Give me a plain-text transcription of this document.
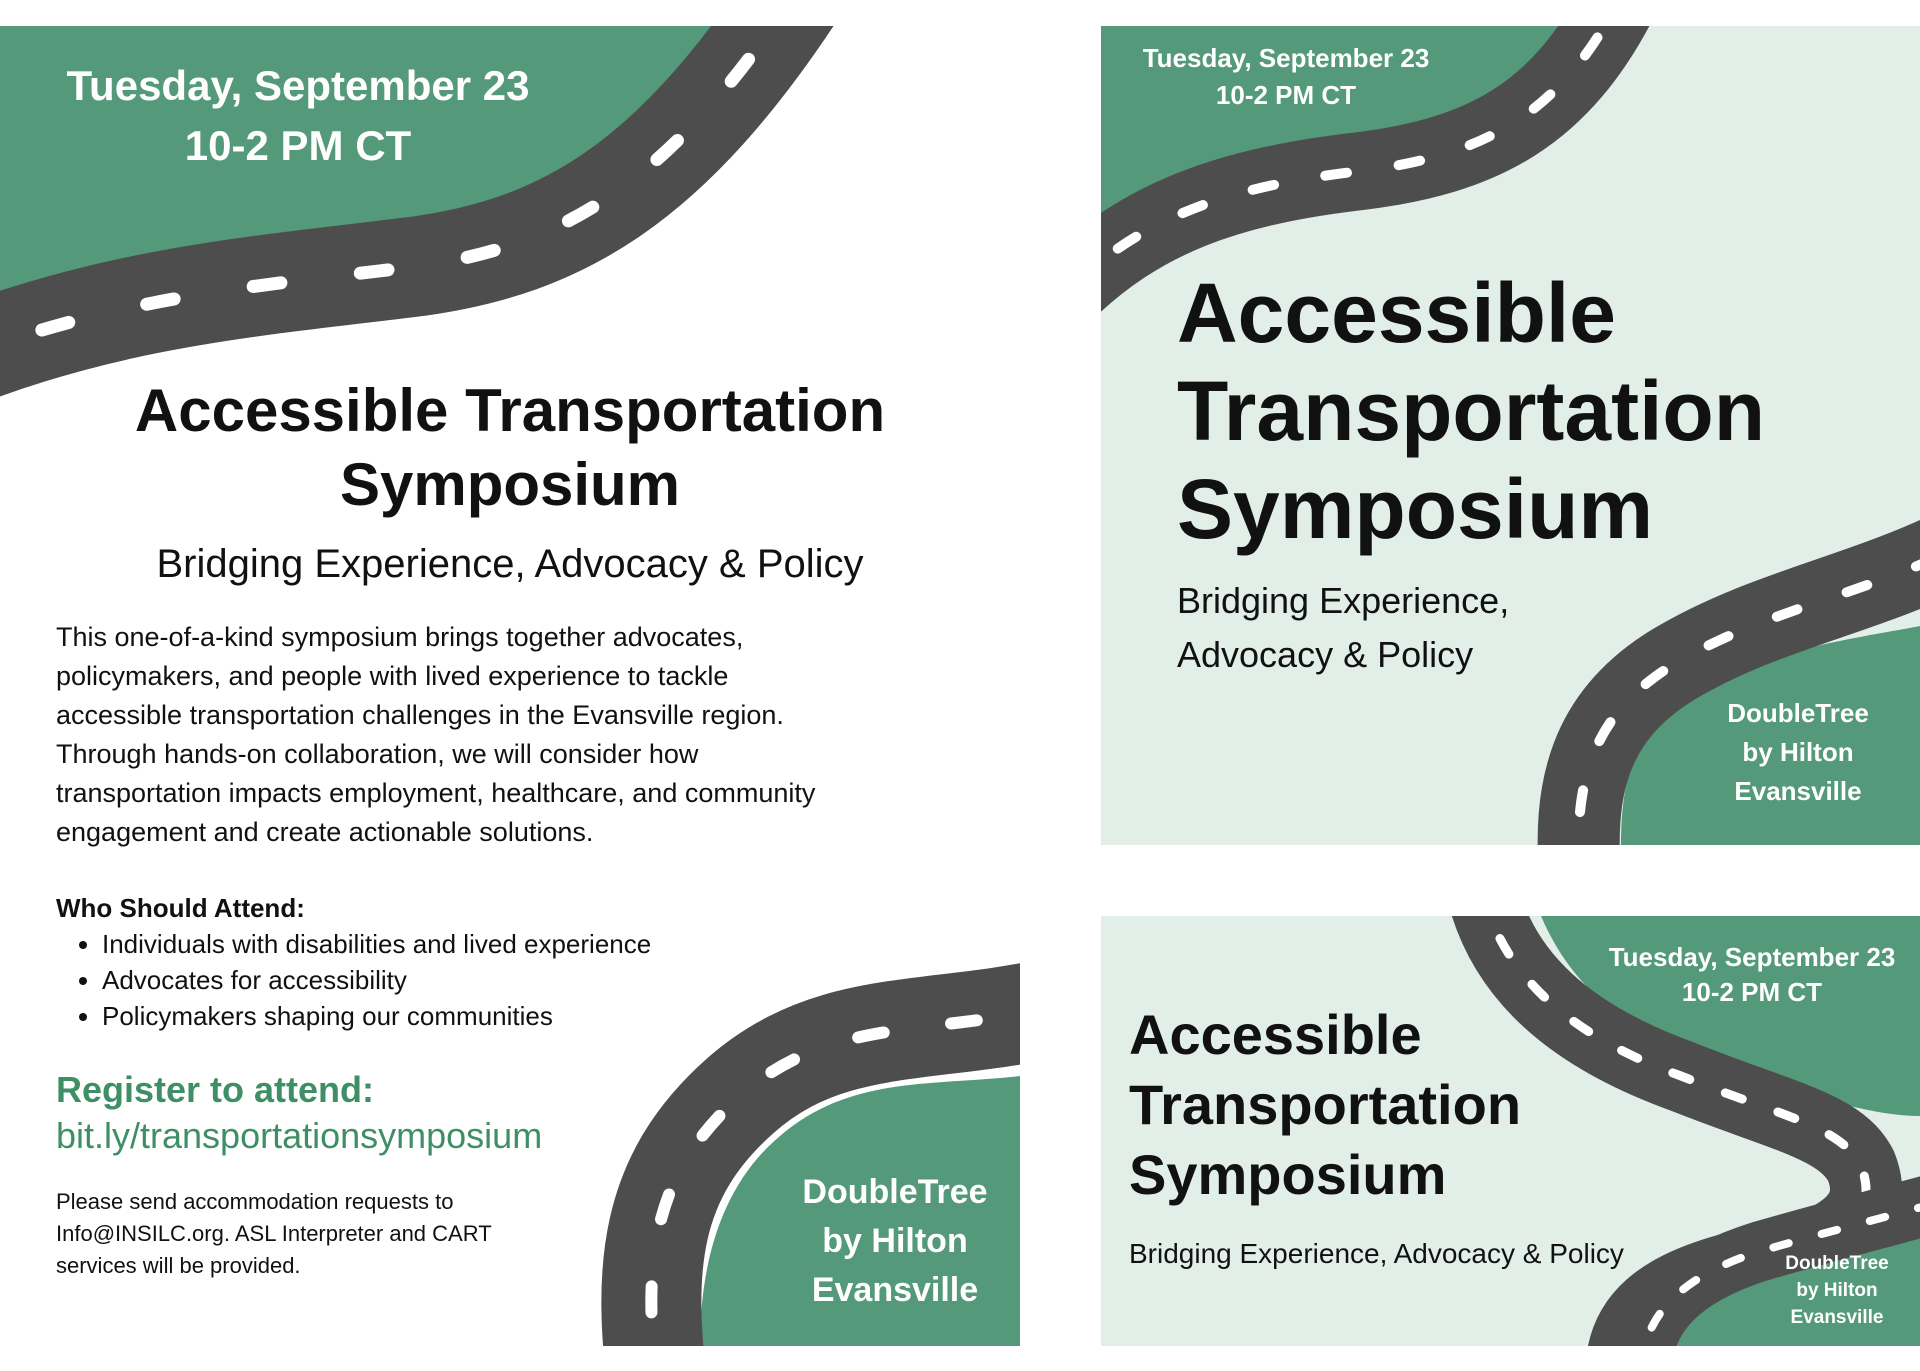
Tuesday, September 23
10-2 PM CT
Accessible Transportation
Symposium
Bridging Experience, Advocacy & Policy
This one-of-a-kind symposium brings together advocates,
policymakers, and people with lived experience to tackle
accessible transportation challenges in the Evansville region.
Through hands-on collaboration, we will consider how
transportation impacts employment, healthcare, and community
engagement and create actionable solutions.
Who Should Attend:
• Individuals with disabilities and lived experience
• Advocates for accessibility
• Policymakers shaping our communities
Register to attend:
bit.ly/transportationsymposium
Please send accommodation requests to
Info@INSILC.org. ASL Interpreter and CART
services will be provided.
DoubleTree
by Hilton
Evansville
Tuesday, September 23
10-2 PM CT
Accessible
Transportation
Symposium
Bridging Experience,
Advocacy & Policy
DoubleTree
by Hilton
Evansville
Tuesday, September 23
10-2 PM CT
Accessible
Transportation
Symposium
Bridging Experience, Advocacy & Policy	DoubleTree
by Hilton
Evansville
